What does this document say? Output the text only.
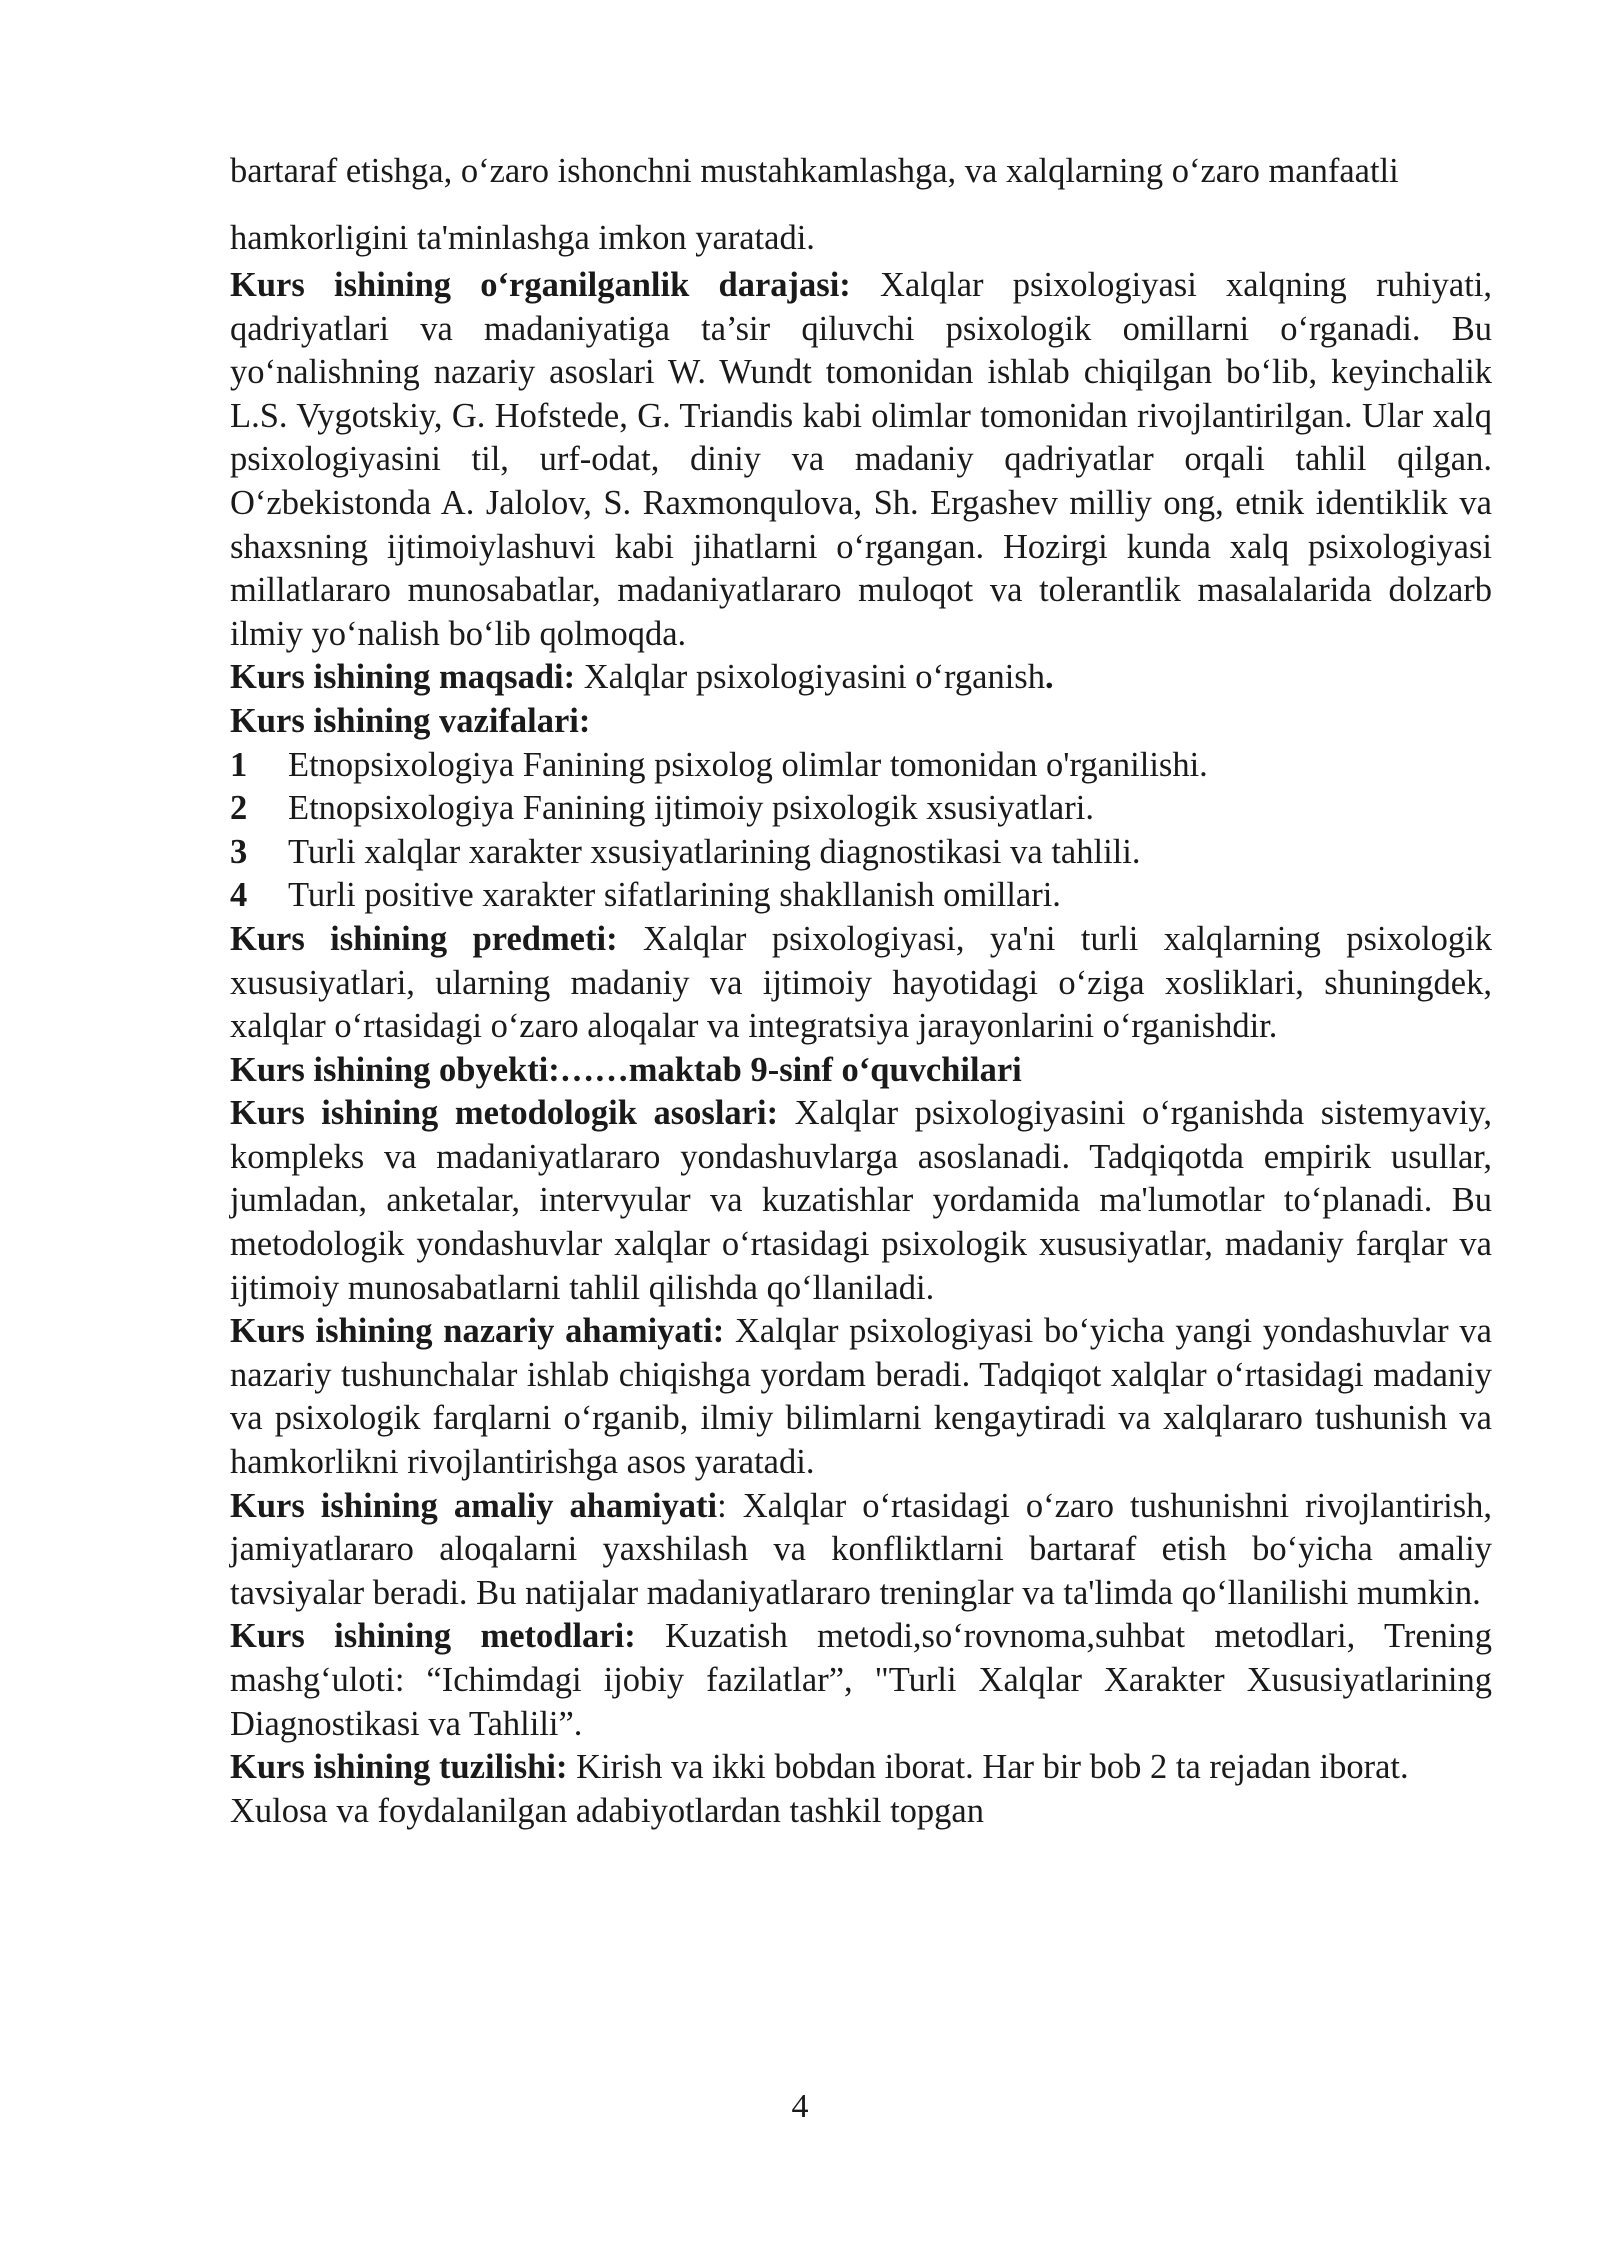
bartaraf etishga, o‘zaro ishonchni mustahkamlashga, va xalqlarning o‘zaro manfaatli
hamkorligini ta'minlashga imkon yaratadi.

Kurs ishining o‘rganilganlik darajasi: Xalqlar psixologiyasi xalqning ruhiyati, qadriyatlari va madaniyatiga ta’sir qiluvchi psixologik omillarni o‘rganadi. Bu yo‘nalishning nazariy asoslari W. Wundt tomonidan ishlab chiqilgan bo‘lib, keyinchalik L.S. Vygotskiy, G. Hofstede, G. Triandis kabi olimlar tomonidan rivojlantirilgan. Ular xalq psixologiyasini til, urf-odat, diniy va madaniy qadriyatlar orqali tahlil qilgan. O‘zbekistonda A. Jalolov, S. Raxmonqulova, Sh. Ergashev milliy ong, etnik identiklik va shaxsning ijtimoiylashuvi kabi jihatlarni o‘rgangan. Hozirgi kunda xalq psixologiyasi millatlararo munosabatlar, madaniyatlararo muloqot va tolerantlik masalalarida dolzarb ilmiy yo‘nalish bo‘lib qolmoqda.

Kurs ishining maqsadi: Xalqlar psixologiyasini o‘rganish.

Kurs ishining vazifalari:

1	Etnopsixologiya Fanining psixolog olimlar tomonidan o'rganilishi.
2	Etnopsixologiya Fanining ijtimoiy psixologik xsusiyatlari.
3	Turli xalqlar xarakter xsusiyatlarining diagnostikasi va tahlili.
4	Turli positive xarakter sifatlarining shakllanish omillari.

Kurs ishining predmeti: Xalqlar psixologiyasi, ya'ni turli xalqlarning psixologik xususiyatlari, ularning madaniy va ijtimoiy hayotidagi o‘ziga xosliklari, shuningdek, xalqlar o‘rtasidagi o‘zaro aloqalar va integratsiya jarayonlarini o‘rganishdir.

Kurs ishining obyekti:……maktab 9-sinf o‘quvchilari

Kurs ishining metodologik asoslari: Xalqlar psixologiyasini o‘rganishda sistemyaviy, kompleks va madaniyatlararo yondashuvlarga asoslanadi. Tadqiqotda empirik usullar, jumladan, anketalar, intervyular va kuzatishlar yordamida ma'lumotlar to‘planadi. Bu metodologik yondashuvlar xalqlar o‘rtasidagi psixologik xususiyatlar, madaniy farqlar va ijtimoiy munosabatlarni tahlil qilishda qo‘llaniladi.

Kurs ishining nazariy ahamiyati: Xalqlar psixologiyasi bo‘yicha yangi yondashuvlar va nazariy tushunchalar ishlab chiqishga yordam beradi. Tadqiqot xalqlar o‘rtasidagi madaniy va psixologik farqlarni o‘rganib, ilmiy bilimlarni kengaytiradi va xalqlararo tushunish va hamkorlikni rivojlantirishga asos yaratadi.

Kurs ishining amaliy ahamiyati: Xalqlar o‘rtasidagi o‘zaro tushunishni rivojlantirish, jamiyatlararo aloqalarni yaxshilash va konfliktlarni bartaraf etish bo‘yicha amaliy tavsiyalar beradi. Bu natijalar madaniyatlararo treninglar va ta'limda qo‘llanilishi mumkin.

Kurs ishining metodlari: Kuzatish metodi,so‘rovnoma,suhbat metodlari, Trening mashg‘uloti: “Ichimdagi ijobiy fazilatlar”, "Turli Xalqlar Xarakter Xususiyatlarining Diagnostikasi va Tahlili”.

Kurs ishining tuzilishi: Kirish va ikki bobdan iborat. Har bir bob 2 ta rejadan iborat.
Xulosa va foydalanilgan adabiyotlardan tashkil topgan

4
